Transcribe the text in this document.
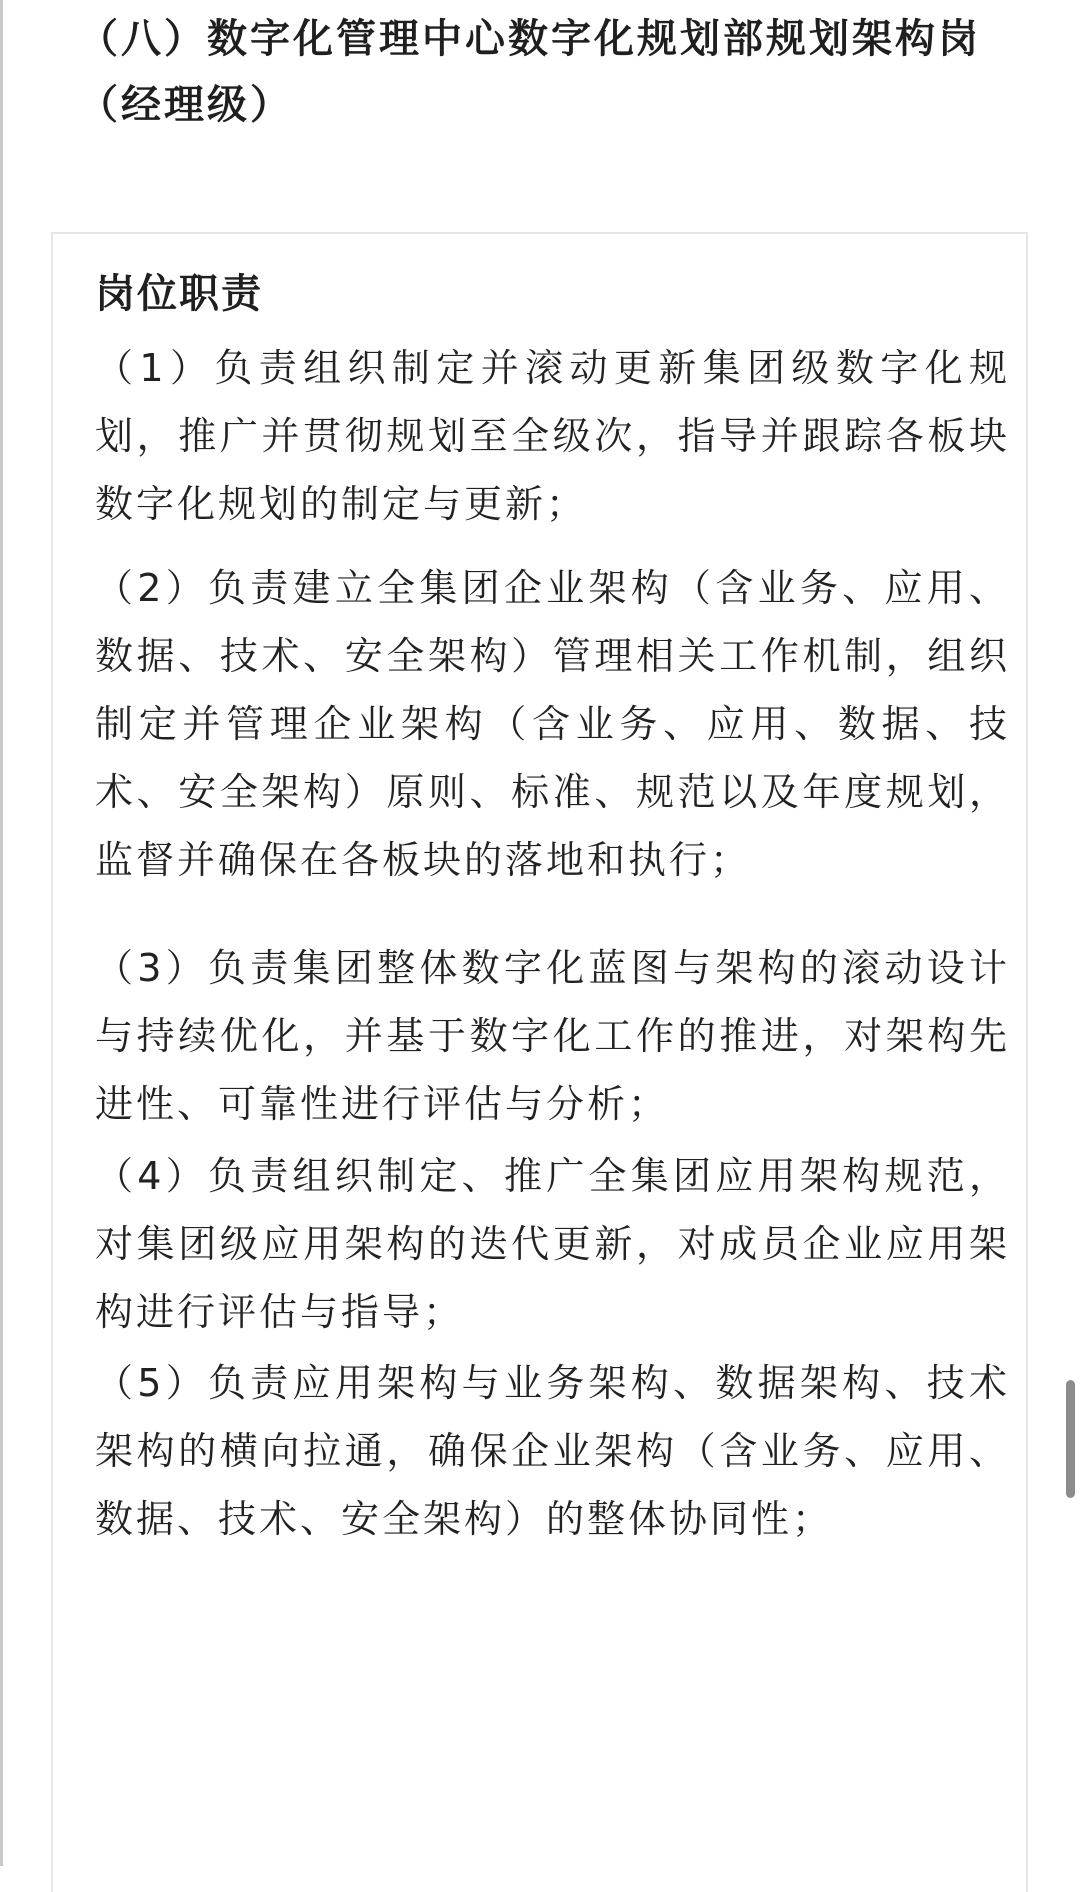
（八）数字化管理中心数字化规划部规划架构岗（经理级）
岗位职责

（1）负责组织制定并滚动更新集团级数字化规划，推广并贯彻规划至全级次，指导并跟踪各板块数字化规划的制定与更新；

（2）负责建立全集团企业架构（含业务、应用、数据、技术、安全架构）管理相关工作机制，组织制定并管理企业架构（含业务、应用、数据、技术、安全架构）原则、标准、规范以及年度规划，监督并确保在各板块的落地和执行；

（3）负责集团整体数字化蓝图与架构的滚动设计与持续优化，并基于数字化工作的推进，对架构先进性、可靠性进行评估与分析；

（4）负责组织制定、推广全集团应用架构规范，对集团级应用架构的迭代更新，对成员企业应用架构进行评估与指导；

（5）负责应用架构与业务架构、数据架构、技术架构的横向拉通，确保企业架构（含业务、应用、数据、技术、安全架构）的整体协同性；
